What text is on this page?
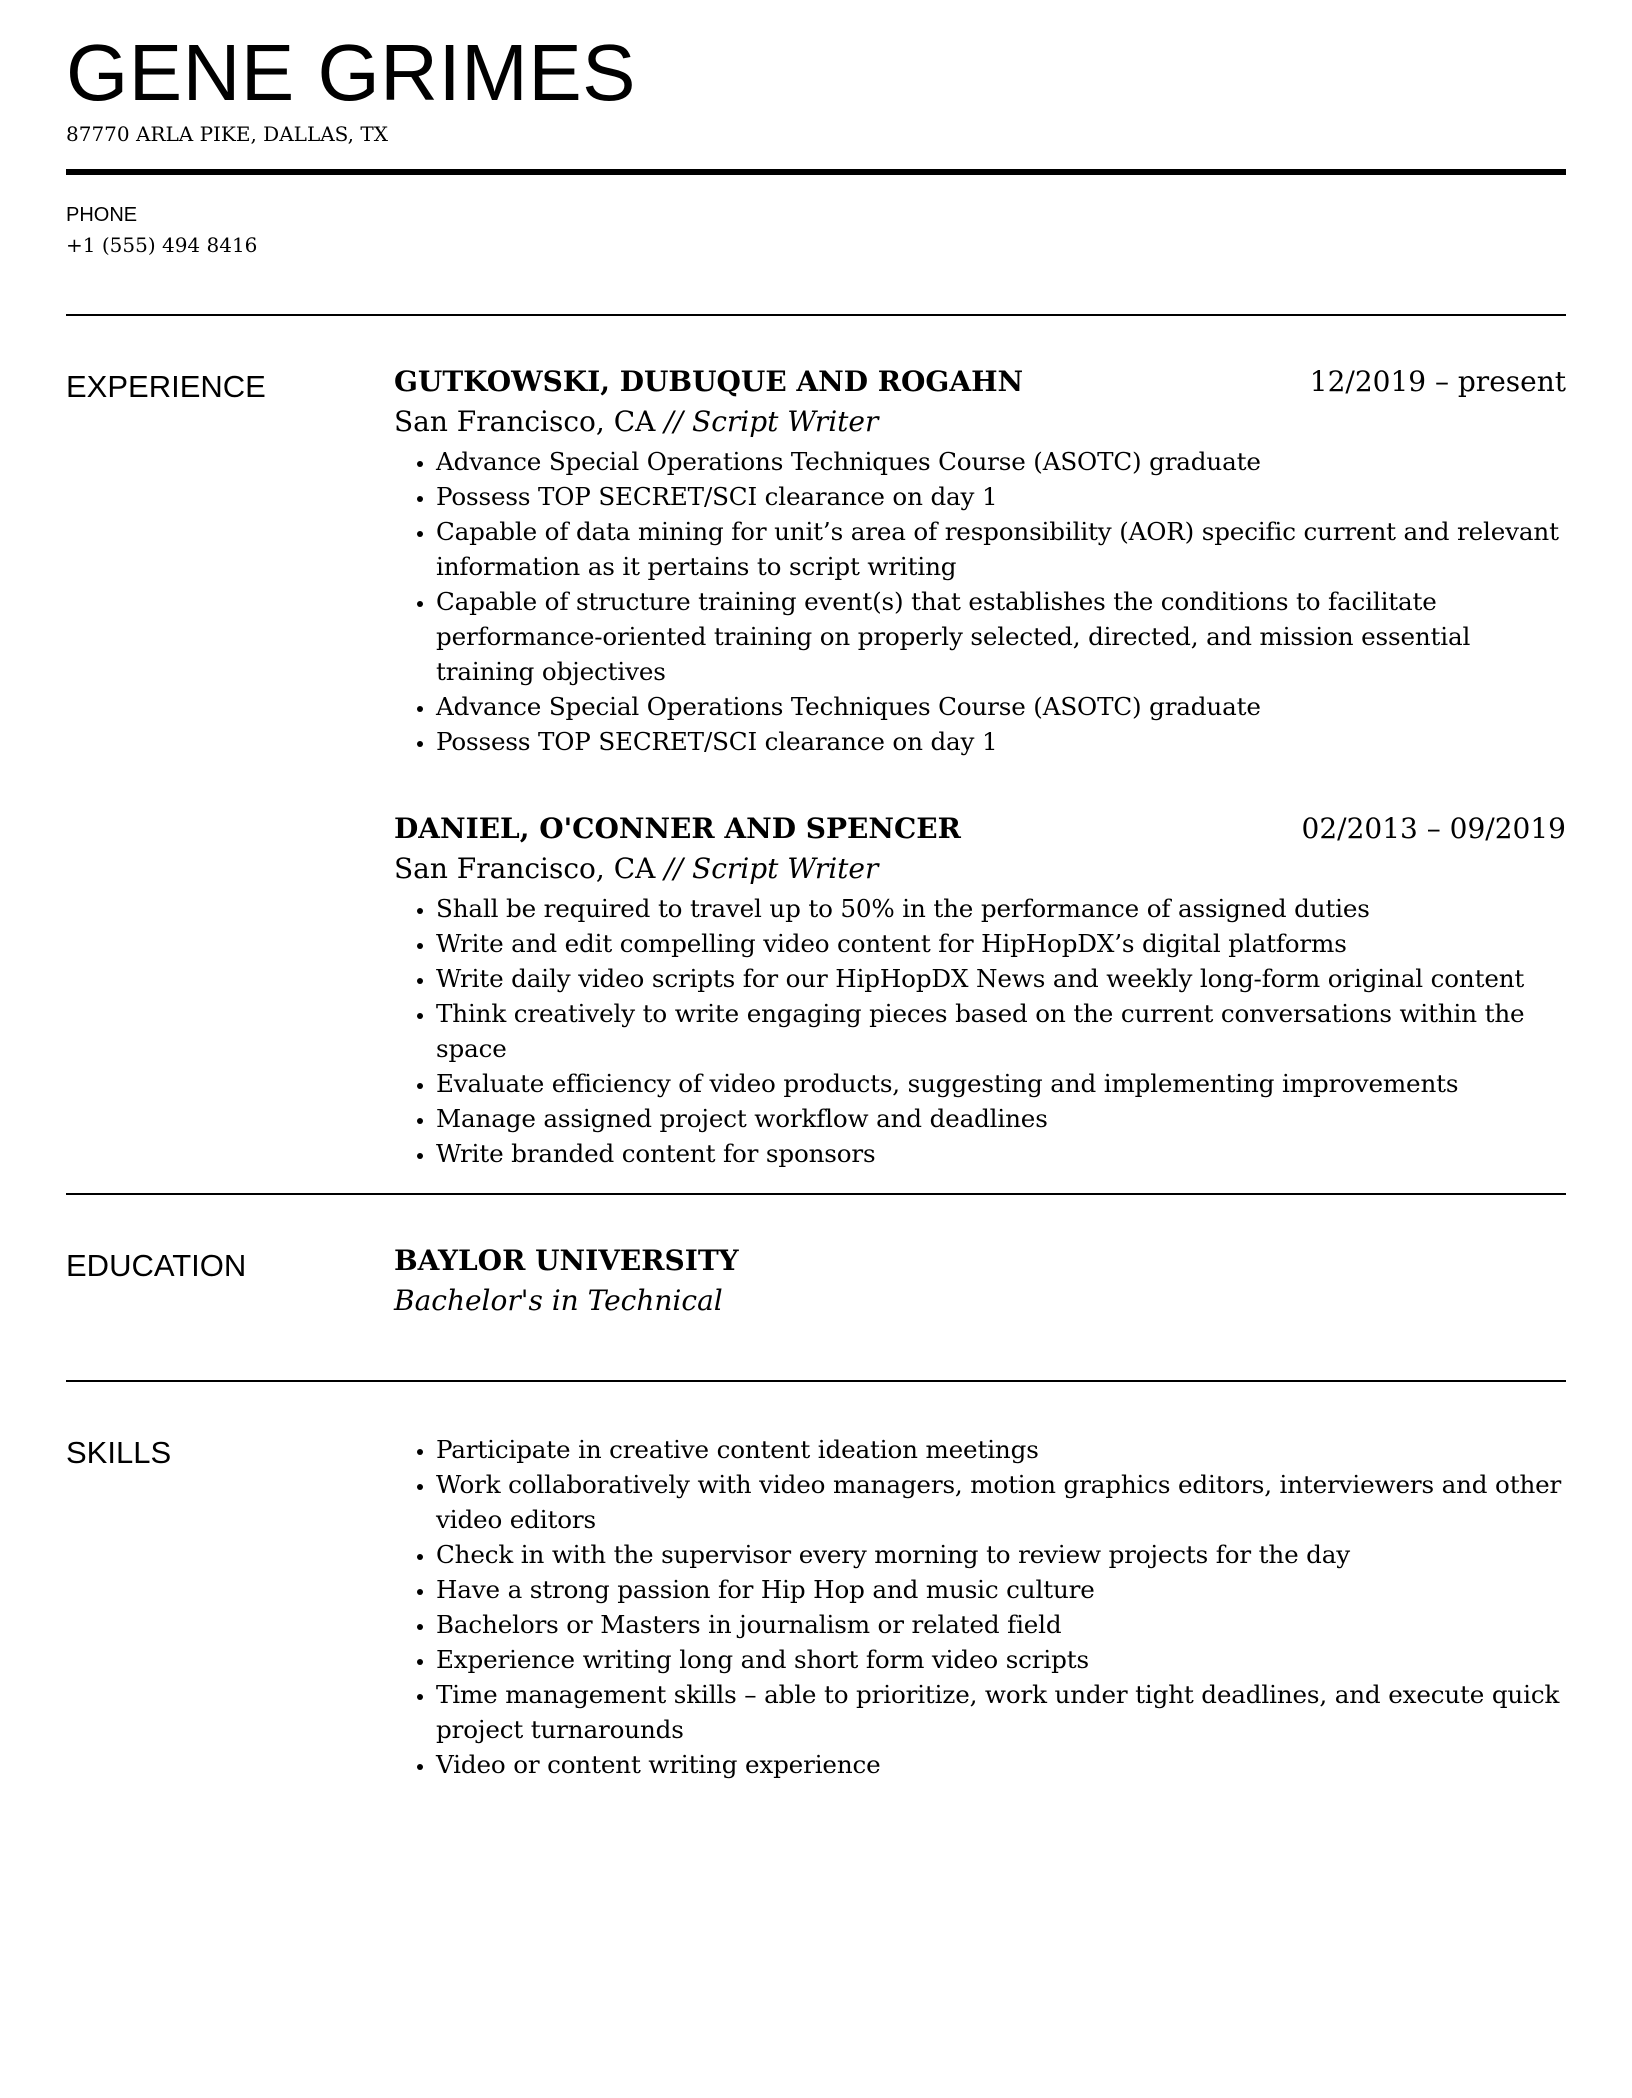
GENE GRIMES
87770 ARLA PIKE, DALLAS, TX
PHONE
+1 (555) 494 8416
EXPERIENCE	GUTKOWSKI, DUBUQUE AND ROGAHN	12/2019 – present
San Francisco, CA // Script Writer
• Advance Special Operations Techniques Course (ASOTC) graduate
• Possess TOP SECRET/SCI clearance on day 1
• Capable of data mining for unit’s area of responsibility (AOR) specific current and relevant information as it pertains to script writing
• Capable of structure training event(s) that establishes the conditions to facilitate performance-oriented training on properly selected, directed, and mission essential training objectives
• Advance Special Operations Techniques Course (ASOTC) graduate
• Possess TOP SECRET/SCI clearance on day 1
DANIEL, O'CONNER AND SPENCER	02/2013 – 09/2019
San Francisco, CA // Script Writer
• Shall be required to travel up to 50% in the performance of assigned duties
• Write and edit compelling video content for HipHopDX’s digital platforms
• Write daily video scripts for our HipHopDX News and weekly long-form original content
• Think creatively to write engaging pieces based on the current conversations within the space
• Evaluate efficiency of video products, suggesting and implementing improvements
• Manage assigned project workflow and deadlines
• Write branded content for sponsors
EDUCATION	BAYLOR UNIVERSITY
Bachelor's in Technical
SKILLS
•	Participate in creative content ideation meetings
• Work collaboratively with video managers, motion graphics editors, interviewers and other video editors
• Check in with the supervisor every morning to review projects for the day
• Have a strong passion for Hip Hop and music culture
• Bachelors or Masters in journalism or related field
• Experience writing long and short form video scripts
• Time management skills – able to prioritize, work under tight deadlines, and execute quick project turnarounds
• Video or content writing experience
